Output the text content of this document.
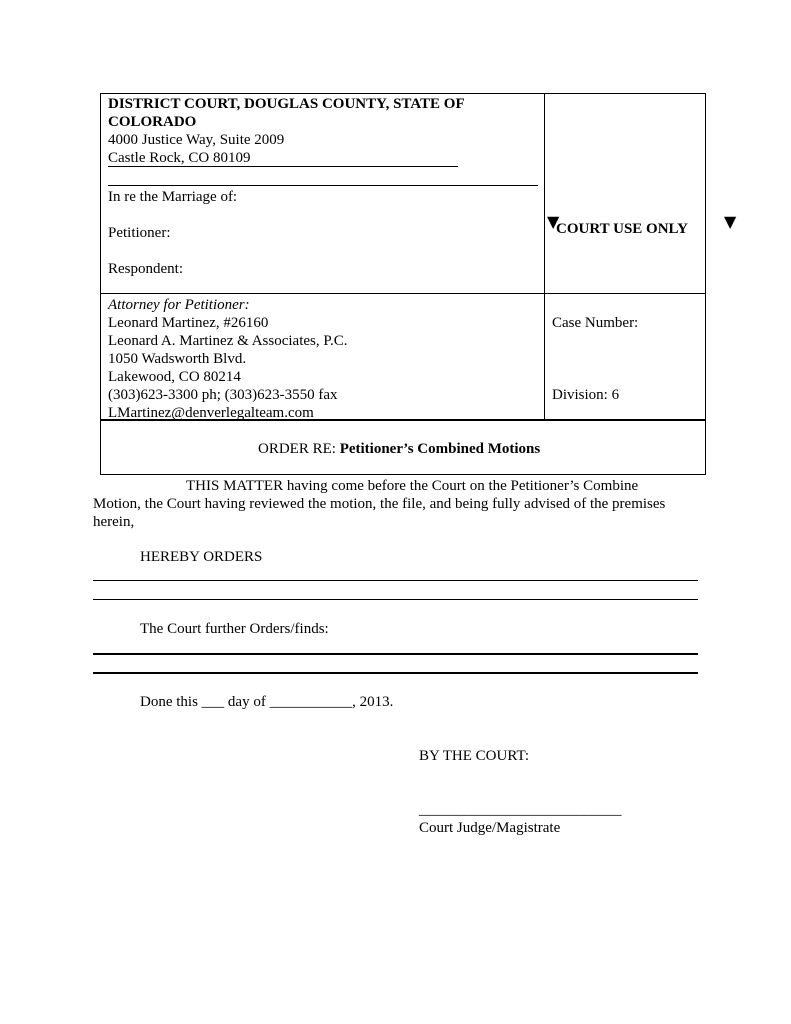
DISTRICT COURT, DOUGLAS COUNTY, STATE OF
COLORADO
4000 Justice Way, Suite 2009
Castle Rock, CO 80109
In re the Marriage of:
Petitioner:
Respondent:
▼
COURT USE ONLY ▼
Attorney for Petitioner:
Leonard Martinez, #26160
Leonard A. Martinez & Associates, P.C.
1050 Wadsworth Blvd.
Lakewood, CO 80214
(303)623-3300 ph; (303)623-3550 fax
LMartinez@denverlegalteam.com
Case Number:
Division: 6
ORDER RE: Petitioner’s Combined Motions
THIS MATTER having come before the Court on the Petitioner’s Combine
Motion, the Court having reviewed the motion, the file, and being fully advised of the premises
herein,
HEREBY ORDERS
The Court further Orders/finds:
Done this ___ day of ___________, 2013.
BY THE COURT:
___________________________
Court Judge/Magistrate
